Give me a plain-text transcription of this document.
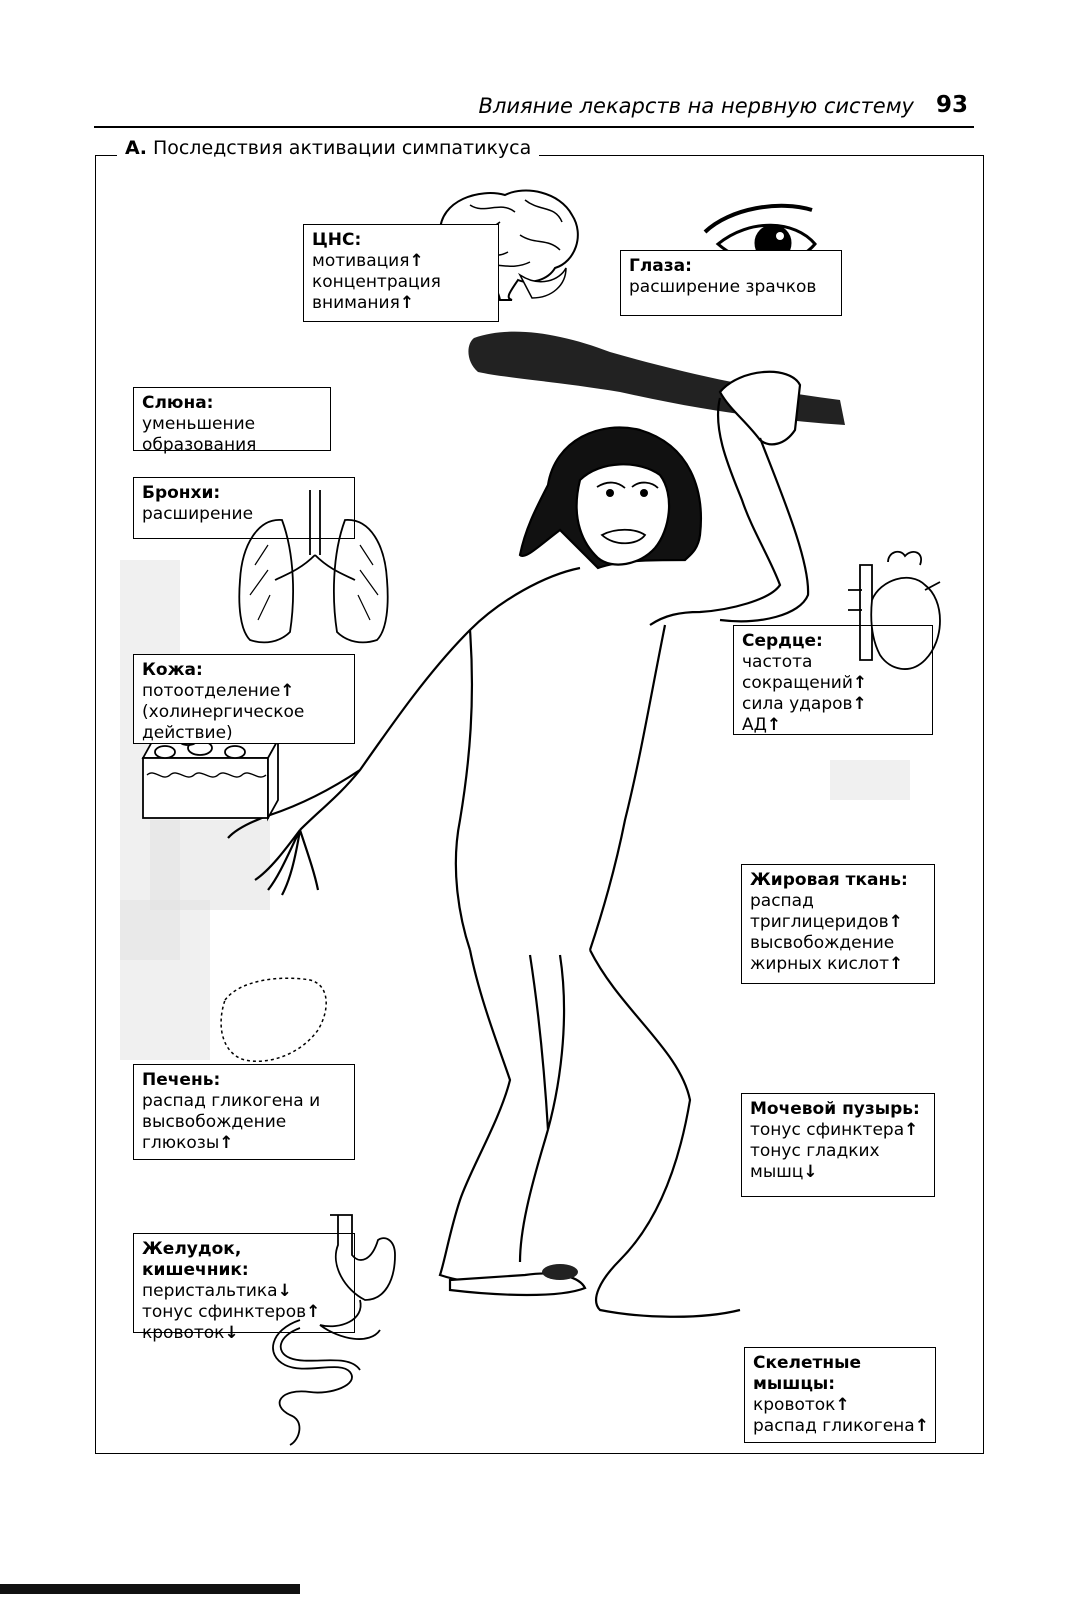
Влияние лекарств на нервную систему 93
А. Последствия активации симпатикуса
ЦНС:
мотивация ↑
концентрация
внимания ↑
Глаза:
расширение зрачков
Слюна:
уменьшение
образования
Бронхи:
расширение
Кожа:
потоотделение ↑
(холинергическое
действие)
Сердце:
частота
сокращений ↑
сила ударов ↑
АД ↑
Жировая ткань:
распад
триглицеридов ↑
высвобождение
жирных кислот ↑
Печень:
распад гликогена и
высвобождение
глюкозы ↑
Мочевой пузырь:
тонус сфинктера ↑
тонус гладких
мышц ↓
Желудок, кишечник:
перистальтика ↓
тонус сфинктеров ↑
кровоток ↓
Скелетные мышцы:
кровоток ↑
распад гликогена ↑
